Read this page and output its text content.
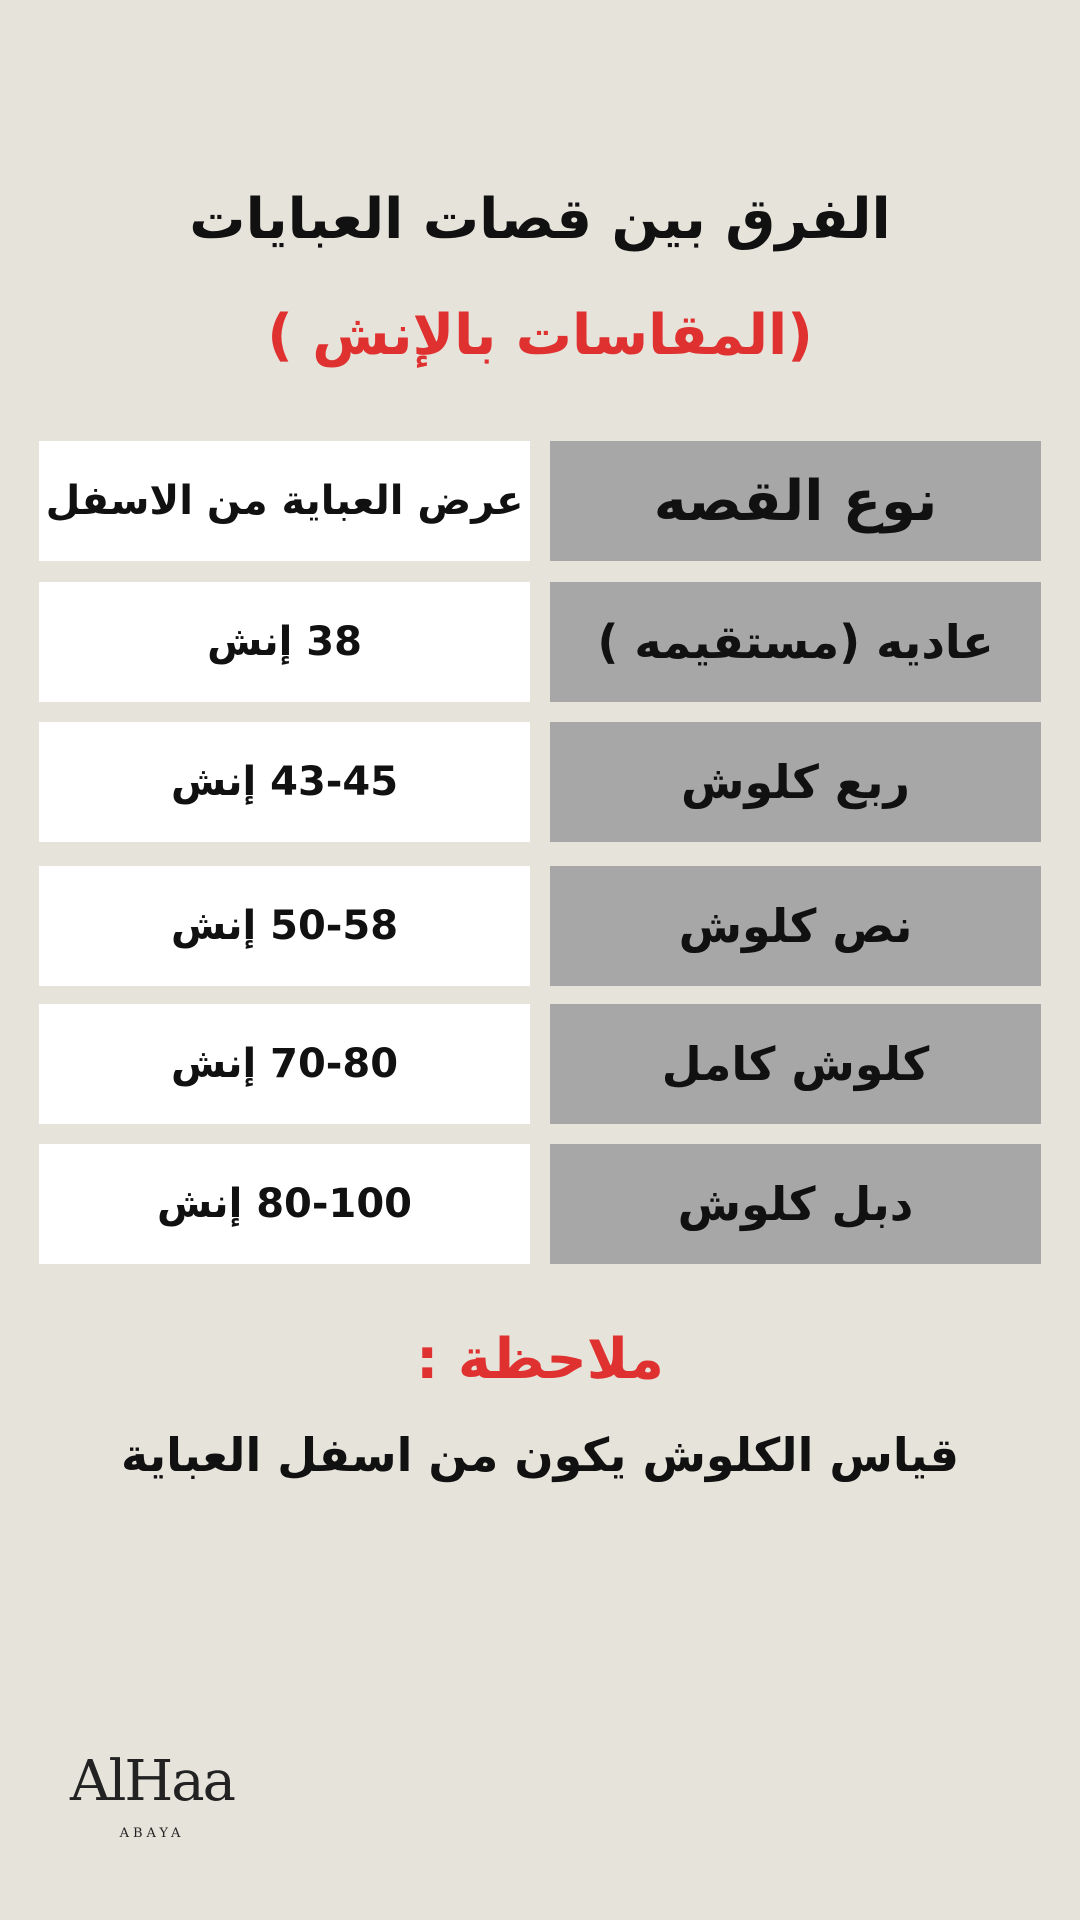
الفرق بين قصات العبايات
(المقاسات بالإنش )
نوع القصه
عرض العباية من الاسفل
عاديه (مستقيمه )
38 إنش
ربع كلوش
43-45 إنش
نص كلوش
50-58 إنش
كلوش كامل
70-80 إنش
دبل كلوش
80-100 إنش
ملاحظة :
قياس الكلوش يكون من اسفل العباية
AlHaa
ABAYA
